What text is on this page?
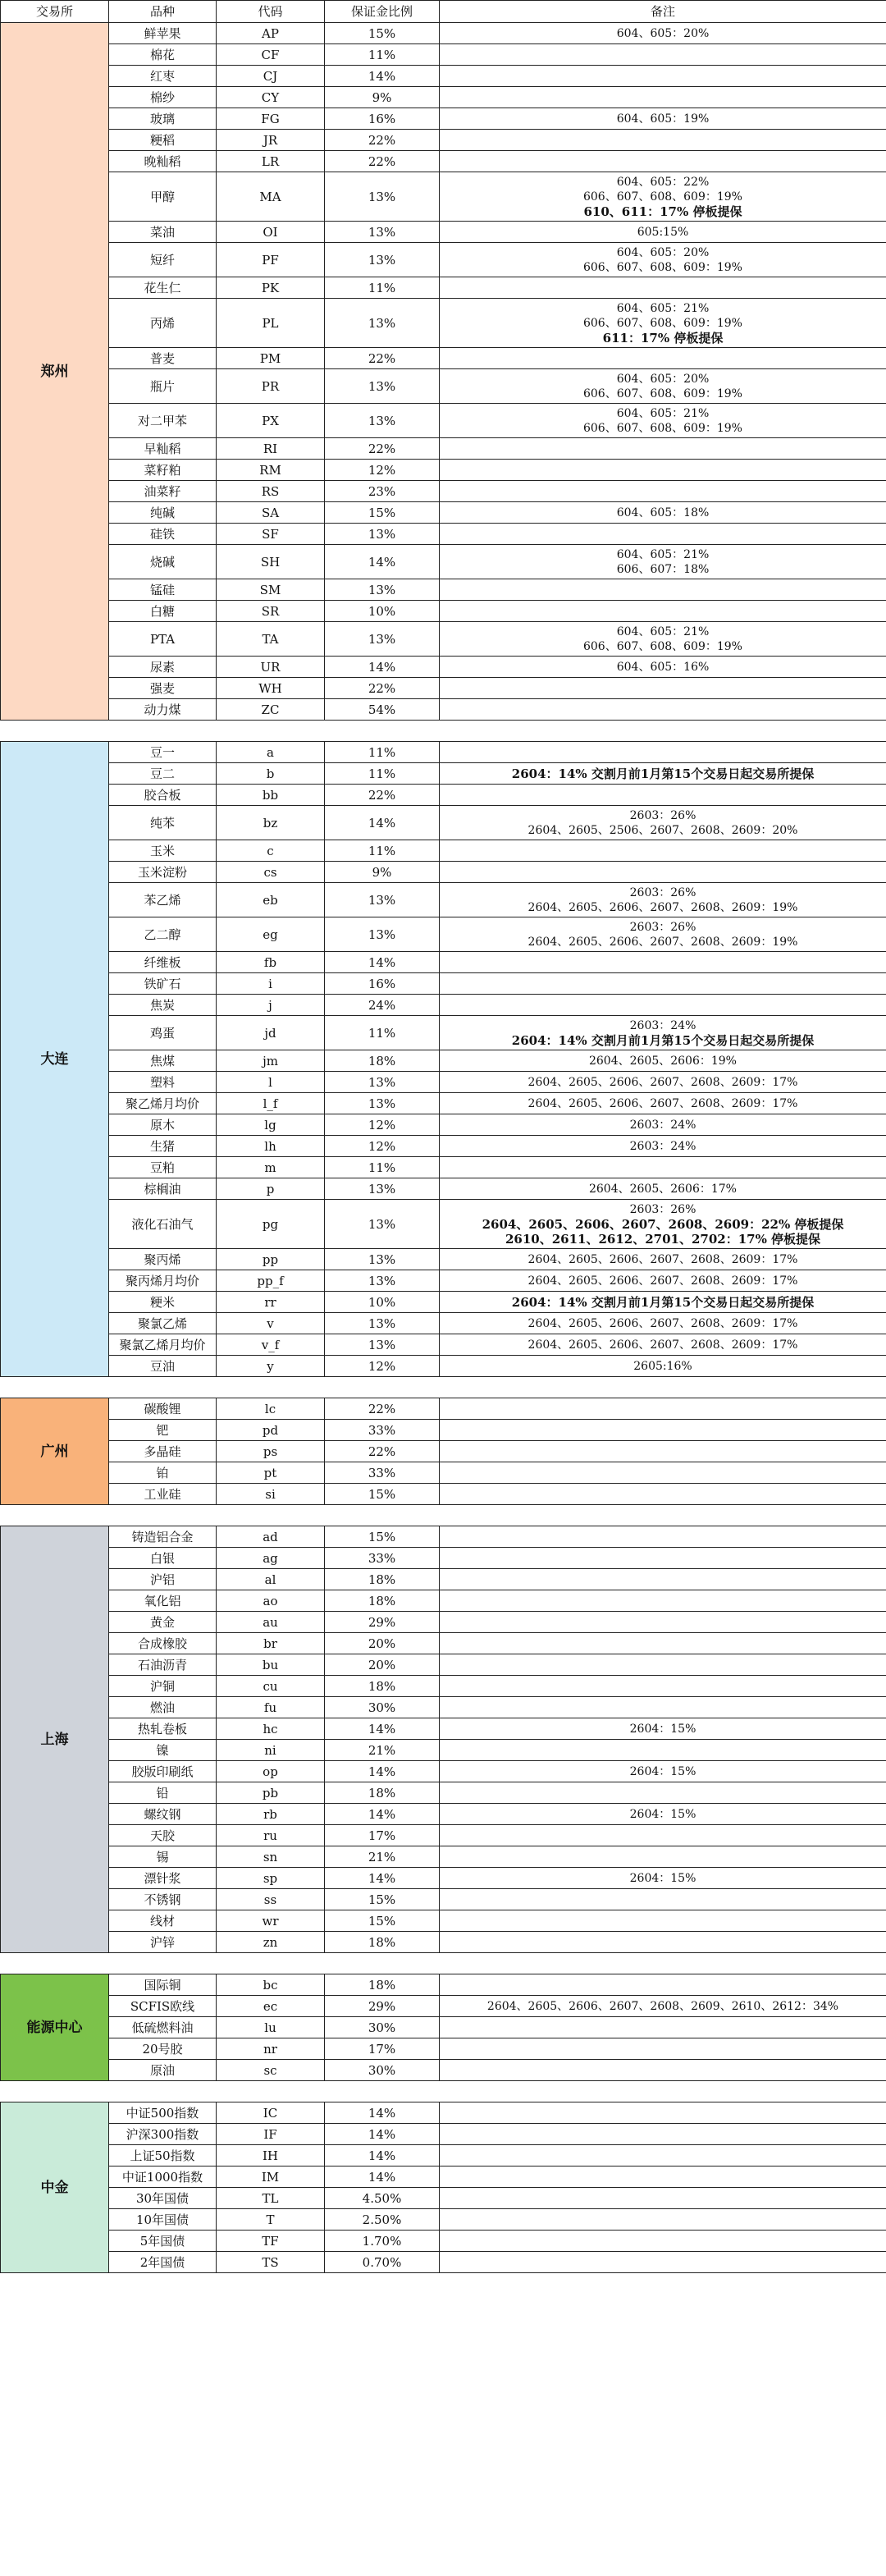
交易所	品种	代码	保证金比例	备注
郑州	鲜苹果	AP	15%	604、605：20%

	棉花	CF	11%	
	红枣	CJ	14%	
	棉纱	CY	9%	
	玻璃	FG	16%	604、605：19%

	粳稻	JR	22%	
	晚籼稻	LR	22%	
	甲醇	MA	13%	604、605：22%
606、607、608、609：19%
610、611：17% 停板提保

	菜油	OI	13%	605:15%

	短纤	PF	13%	604、605：20%
606、607、608、609：19%

	花生仁	PK	11%	
	丙烯	PL	13%	604、605：21%
606、607、608、609：19%
611：17% 停板提保

	普麦	PM	22%	
	瓶片	PR	13%	604、605：20%
606、607、608、609：19%

	对二甲苯	PX	13%	604、605：21%
606、607、608、609：19%

	早籼稻	RI	22%	
	菜籽粕	RM	12%	
	油菜籽	RS	23%	
	纯碱	SA	15%	604、605：18%

	硅铁	SF	13%	
	烧碱	SH	14%	604、605：21%
606、607：18%

	锰硅	SM	13%	
	白糖	SR	10%	
	PTA	TA	13%	604、605：21%
606、607、608、609：19%

	尿素	UR	14%	604、605：16%

	强麦	WH	22%	
	动力煤	ZC	54%	

大连	豆一	a	11%	
	豆二	b	11%	2604：14% 交割月前1月第15个交易日起交易所提保

	胶合板	bb	22%	
	纯苯	bz	14%	2603：26%
2604、2605、2506、2607、2608、2609：20%

	玉米	c	11%	
	玉米淀粉	cs	9%	
	苯乙烯	eb	13%	2603：26%
2604、2605、2606、2607、2608、2609：19%

	乙二醇	eg	13%	2603：26%
2604、2605、2606、2607、2608、2609：19%

	纤维板	fb	14%	
	铁矿石	i	16%	
	焦炭	j	24%	
	鸡蛋	jd	11%	2603：24%
2604：14% 交割月前1月第15个交易日起交易所提保

	焦煤	jm	18%	2604、2605、2606：19%

	塑料	l	13%	2604、2605、2606、2607、2608、2609：17%

	聚乙烯月均价	l_f	13%	2604、2605、2606、2607、2608、2609：17%

	原木	lg	12%	2603：24%

	生猪	lh	12%	2603：24%

	豆粕	m	11%	
	棕榈油	p	13%	2604、2605、2606：17%

	液化石油气	pg	13%	2603：26%
2604、2605、2606、2607、2608、2609：22% 停板提保
2610、2611、2612、2701、2702：17% 停板提保

	聚丙烯	pp	13%	2604、2605、2606、2607、2608、2609：17%

	聚丙烯月均价	pp_f	13%	2604、2605、2606、2607、2608、2609：17%

	粳米	rr	10%	2604：14% 交割月前1月第15个交易日起交易所提保

	聚氯乙烯	v	13%	2604、2605、2606、2607、2608、2609：17%

	聚氯乙烯月均价	v_f	13%	2604、2605、2606、2607、2608、2609：17%

	豆油	y	12%	2605:16%

广州	碳酸锂	lc	22%	
	钯	pd	33%	
	多晶硅	ps	22%	
	铂	pt	33%	
	工业硅	si	15%	

上海	铸造铝合金	ad	15%	
	白银	ag	33%	
	沪铝	al	18%	
	氧化铝	ao	18%	
	黄金	au	29%	
	合成橡胶	br	20%	
	石油沥青	bu	20%	
	沪铜	cu	18%	
	燃油	fu	30%	
	热轧卷板	hc	14%	2604：15%

	镍	ni	21%	
	胶版印刷纸	op	14%	2604：15%

	铅	pb	18%	
	螺纹钢	rb	14%	2604：15%

	天胶	ru	17%	
	锡	sn	21%	
	漂针浆	sp	14%	2604：15%

	不锈钢	ss	15%	
	线材	wr	15%	
	沪锌	zn	18%	

能源中心	国际铜	bc	18%	
	SCFIS欧线	ec	29%	2604、2605、2606、2607、2608、2609、2610、2612：34%

	低硫燃料油	lu	30%	
	20号胶	nr	17%	
	原油	sc	30%	

中金	中证500指数	IC	14%	
	沪深300指数	IF	14%	
	上证50指数	IH	14%	
	中证1000指数	IM	14%	
	30年国债	TL	4.50%	
	10年国债	T	2.50%	
	5年国债	TF	1.70%	
	2年国债	TS	0.70%	
